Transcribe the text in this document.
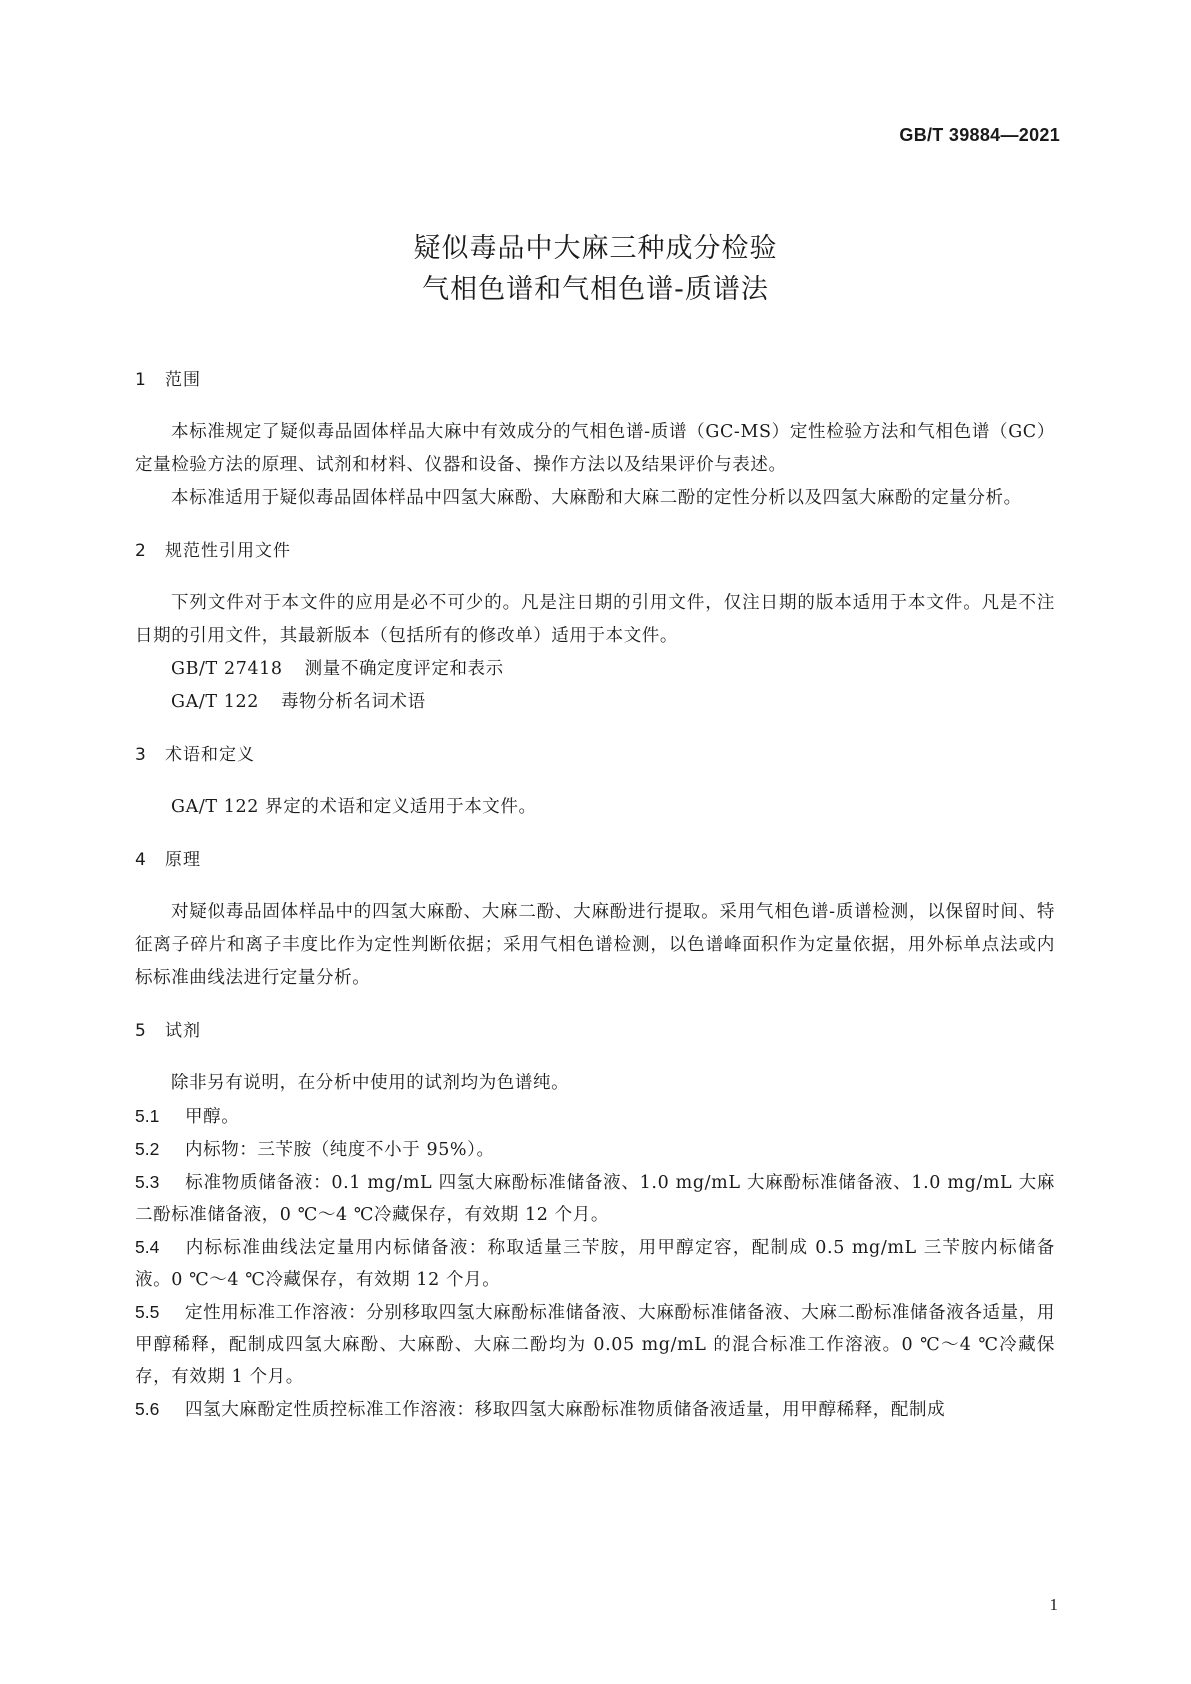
GB/T 39884—2021
疑似毒品中大麻三种成分检验
气相色谱和气相色谱-质谱法
1 范围
本标准规定了疑似毒品固体样品大麻中有效成分的气相色谱-质谱（GC-MS）定性检验方法和气相色谱（GC）定量检验方法的原理、试剂和材料、仪器和设备、操作方法以及结果评价与表述。
本标准适用于疑似毒品固体样品中四氢大麻酚、大麻酚和大麻二酚的定性分析以及四氢大麻酚的定量分析。
2 规范性引用文件
下列文件对于本文件的应用是必不可少的。凡是注日期的引用文件，仅注日期的版本适用于本文件。凡是不注日期的引用文件，其最新版本（包括所有的修改单）适用于本文件。
GB/T 27418 测量不确定度评定和表示
GA/T 122 毒物分析名词术语
3 术语和定义
GA/T 122 界定的术语和定义适用于本文件。
4 原理
对疑似毒品固体样品中的四氢大麻酚、大麻二酚、大麻酚进行提取。采用气相色谱-质谱检测，以保留时间、特征离子碎片和离子丰度比作为定性判断依据；采用气相色谱检测，以色谱峰面积作为定量依据，用外标单点法或内标标准曲线法进行定量分析。
5 试剂
除非另有说明，在分析中使用的试剂均为色谱纯。
5.1 甲醇。
5.2 内标物：三苄胺（纯度不小于 95%）。
5.3 标准物质储备液：0.1 mg/mL 四氢大麻酚标准储备液、1.0 mg/mL 大麻酚标准储备液、1.0 mg/mL 大麻二酚标准储备液，0 ℃～4 ℃冷藏保存，有效期 12 个月。
5.4 内标标准曲线法定量用内标储备液：称取适量三苄胺，用甲醇定容，配制成 0.5 mg/mL 三苄胺内标储备液。0 ℃～4 ℃冷藏保存，有效期 12 个月。
5.5 定性用标准工作溶液：分别移取四氢大麻酚标准储备液、大麻酚标准储备液、大麻二酚标准储备液各适量，用甲醇稀释，配制成四氢大麻酚、大麻酚、大麻二酚均为 0.05 mg/mL 的混合标准工作溶液。0 ℃～4 ℃冷藏保存，有效期 1 个月。
5.6 四氢大麻酚定性质控标准工作溶液：移取四氢大麻酚标准物质储备液适量，用甲醇稀释，配制成
1
